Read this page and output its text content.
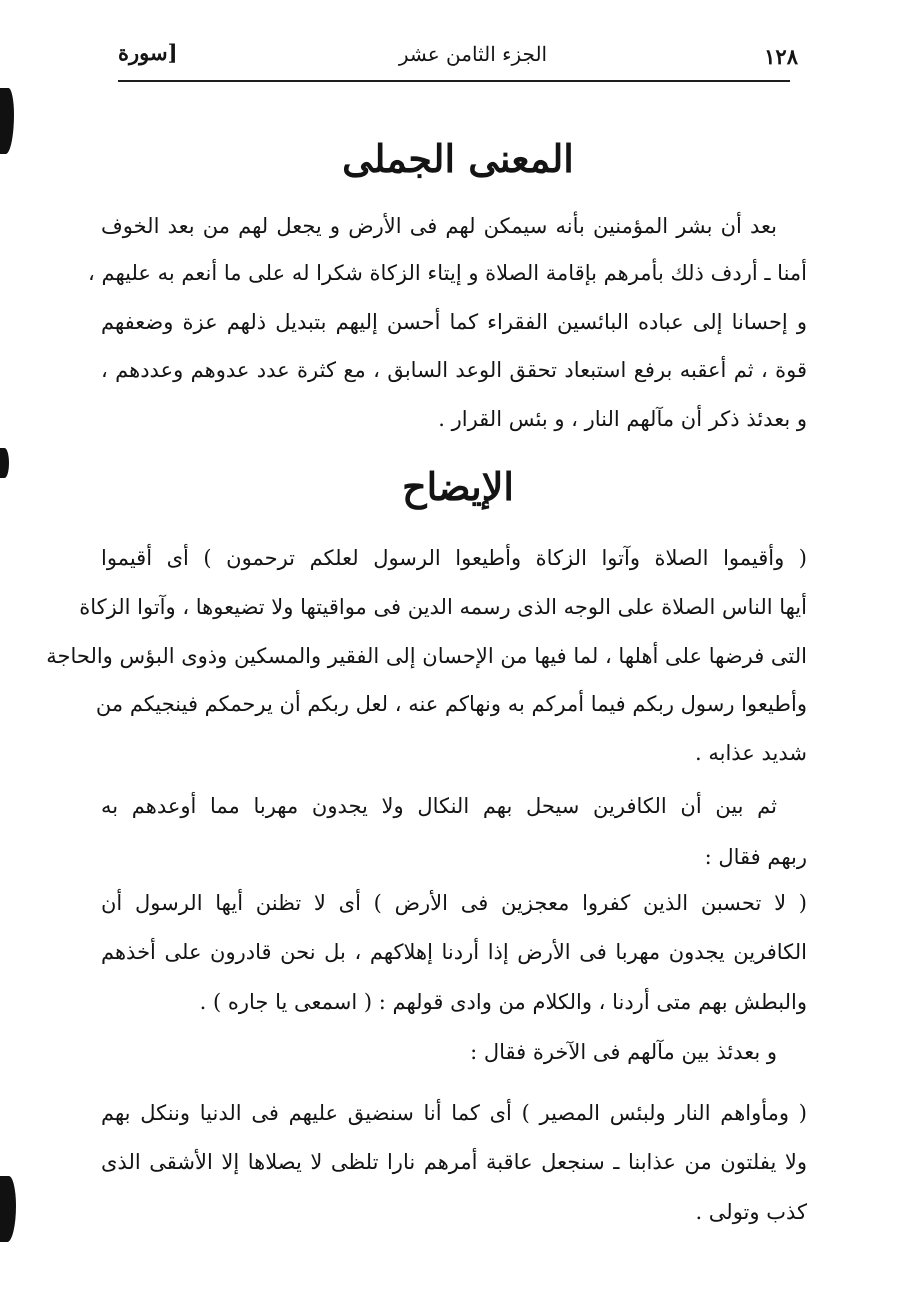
[سورة	الجزء الثامن عشر	١٢٨
المعنى الجملى
بعد أن بشر المؤمنين بأنه سيمكن لهم فى الأرض و يجعل لهم من بعد الخوف
أمنا ـ أردف ذلك بأمرهم بإقامة الصلاة و إيتاء الزكاة شكرا له على ما أنعم به عليهم ،
و إحسانا إلى عباده البائسين الفقراء كما أحسن إليهم بتبديل ذلهم عزة وضعفهم
قوة ، ثم أعقبه برفع استبعاد تحقق الوعد السابق ، مع كثرة عدد عدوهم وعددهم ،
و بعدئذ ذكر أن مآلهم النار ، و بئس القرار .
الإيضاح
( وأقيموا الصلاة وآتوا الزكاة وأطيعوا الرسول لعلكم ترحمون ) أى أقيموا
أيها الناس الصلاة على الوجه الذى رسمه الدين فى مواقيتها ولا تضيعوها ، وآتوا الزكاة
التى فرضها على أهلها ، لما فيها من الإحسان إلى الفقير والمسكين وذوى البؤس والحاجة
وأطيعوا رسول ربكم فيما أمركم به ونهاكم عنه ، لعل ربكم أن يرحمكم فينجيكم من
شديد عذابه .
ثم بين أن الكافرين سيحل بهم النكال ولا يجدون مهربا مما أوعدهم به
ربهم فقال :
( لا تحسبن الذين كفروا معجزين فى الأرض ) أى لا تظنن أيها الرسول أن
الكافرين يجدون مهربا فى الأرض إذا أردنا إهلاكهم ، بل نحن قادرون على أخذهم
والبطش بهم متى أردنا ، والكلام من وادى قولهم : ( اسمعى يا جاره ) .
و بعدئذ بين مآلهم فى الآخرة فقال :
( ومأواهم النار ولبئس المصير ) أى كما أنا سنضيق عليهم فى الدنيا وننكل بهم
ولا يفلتون من عذابنا ـ سنجعل عاقبة أمرهم نارا تلظى لا يصلاها إلا الأشقى الذى
كذب وتولى .
